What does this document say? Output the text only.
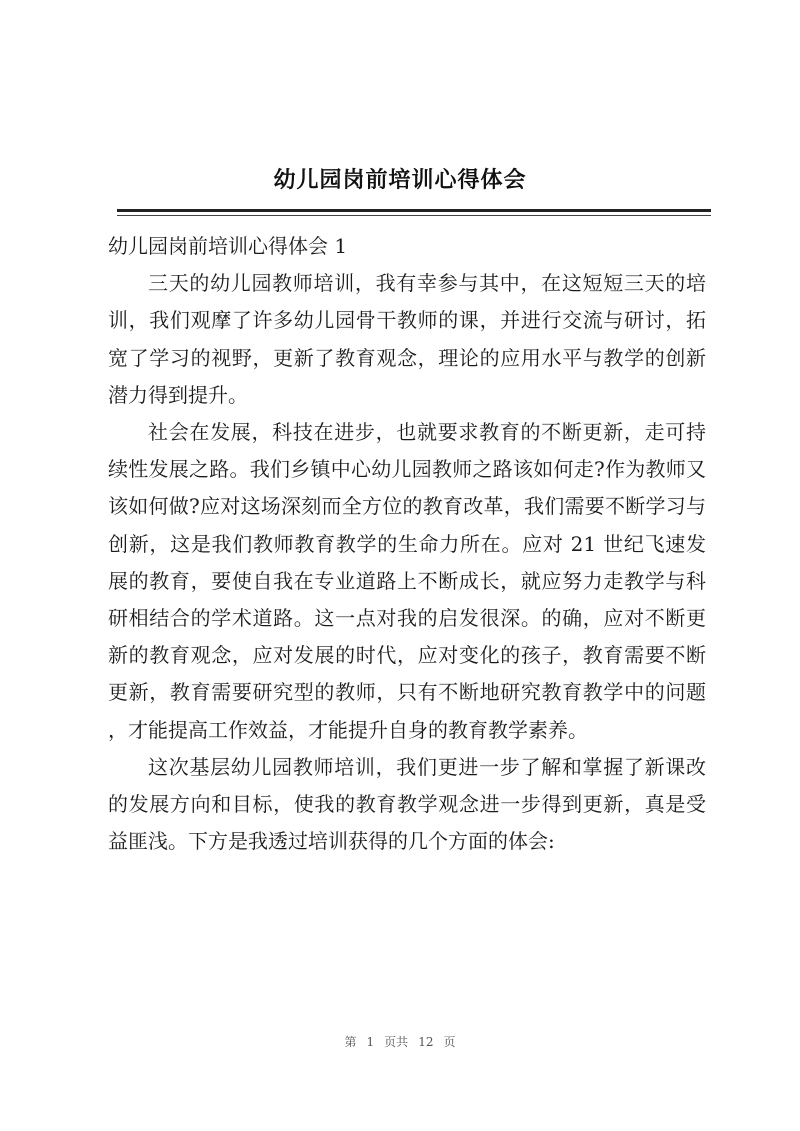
幼儿园岗前培训心得体会

幼儿园岗前培训心得体会 1

三天的幼儿园教师培训，我有幸参与其中，在这短短三天的培训，我们观摩了许多幼儿园骨干教师的课，并进行交流与研讨，拓宽了学习的视野，更新了教育观念，理论的应用水平与教学的创新潜力得到提升。

社会在发展，科技在进步，也就要求教育的不断更新，走可持续性发展之路。我们乡镇中心幼儿园教师之路该如何走?作为教师又该如何做?应对这场深刻而全方位的教育改革，我们需要不断学习与创新，这是我们教师教育教学的生命力所在。应对 21 世纪飞速发展的教育，要使自我在专业道路上不断成长，就应努力走教学与科研相结合的学术道路。这一点对我的启发很深。的确，应对不断更新的教育观念，应对发展的时代，应对变化的孩子，教育需要不断更新，教育需要研究型的教师，只有不断地研究教育教学中的问题，才能提高工作效益，才能提升自身的教育教学素养。

这次基层幼儿园教师培训，我们更进一步了解和掌握了新课改的发展方向和目标，使我的教育教学观念进一步得到更新，真是受益匪浅。下方是我透过培训获得的几个方面的体会:

第 1 页共 12 页
